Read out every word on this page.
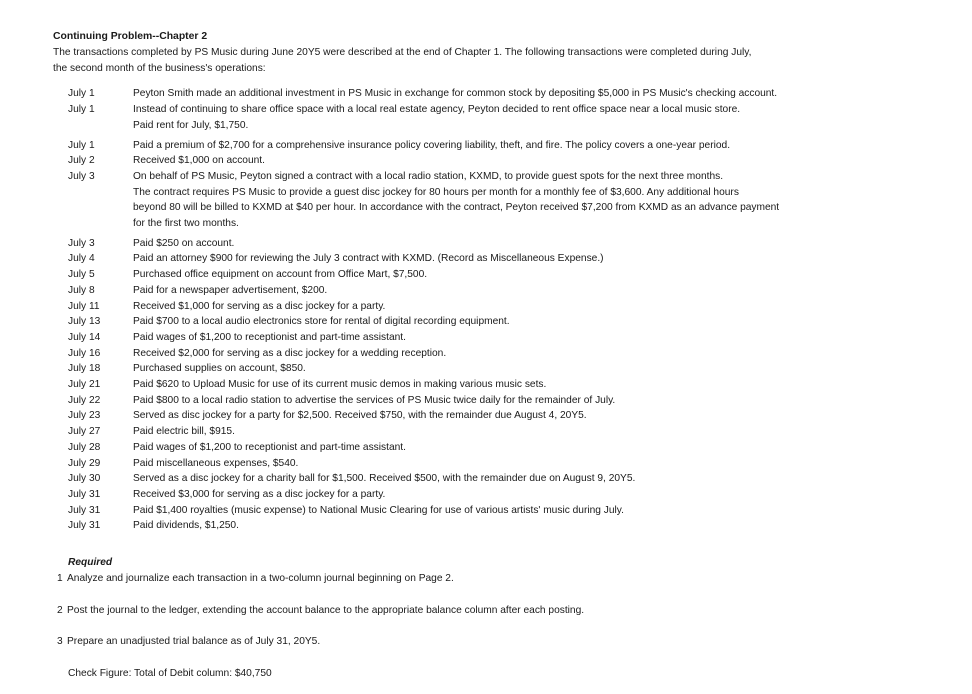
Continuing Problem--Chapter 2

The transactions completed by PS Music during June 20Y5 were described at the end of Chapter 1. The following transactions were completed during July,
the second month of the business's operations:

July 1	Peyton Smith made an additional investment in PS Music in exchange for common stock by depositing $5,000 in PS Music's checking account.
July 1	Instead of continuing to share office space with a local real estate agency, Peyton decided to rent office space near a local music store.
Paid rent for July, $1,750.
July 1	Paid a premium of $2,700 for a comprehensive insurance policy covering liability, theft, and fire. The policy covers a one-year period.
July 2	Received $1,000 on account.
July 3	On behalf of PS Music, Peyton signed a contract with a local radio station, KXMD, to provide guest spots for the next three months.
The contract requires PS Music to provide a guest disc jockey for 80 hours per month for a monthly fee of $3,600. Any additional hours
beyond 80 will be billed to KXMD at $40 per hour. In accordance with the contract, Peyton received $7,200 from KXMD as an advance payment
for the first two months.
July 3	Paid $250 on account.
July 4	Paid an attorney $900 for reviewing the July 3 contract with KXMD. (Record as Miscellaneous Expense.)
July 5	Purchased office equipment on account from Office Mart, $7,500.
July 8	Paid for a newspaper advertisement, $200.
July 11	Received $1,000 for serving as a disc jockey for a party.
July 13	Paid $700 to a local audio electronics store for rental of digital recording equipment.
July 14	Paid wages of $1,200 to receptionist and part-time assistant.
July 16	Received $2,000 for serving as a disc jockey for a wedding reception.
July 18	Purchased supplies on account, $850.
July 21	Paid $620 to Upload Music for use of its current music demos in making various music sets.
July 22	Paid $800 to a local radio station to advertise the services of PS Music twice daily for the remainder of July.
July 23	Served as disc jockey for a party for $2,500. Received $750, with the remainder due August 4, 20Y5.
July 27	Paid electric bill, $915.
July 28	Paid wages of $1,200 to receptionist and part-time assistant.
July 29	Paid miscellaneous expenses, $540.
July 30	Served as a disc jockey for a charity ball for $1,500. Received $500, with the remainder due on August 9, 20Y5.
July 31	Received $3,000 for serving as a disc jockey for a party.
July 31	Paid $1,400 royalties (music expense) to National Music Clearing for use of various artists' music during July.
July 31	Paid dividends, $1,250.
Required
1 Analyze and journalize each transaction in a two-column journal beginning on Page 2.
2 Post the journal to the ledger, extending the account balance to the appropriate balance column after each posting.
3 Prepare an unadjusted trial balance as of July 31, 20Y5.
Check Figure: Total of Debit column: $40,750
